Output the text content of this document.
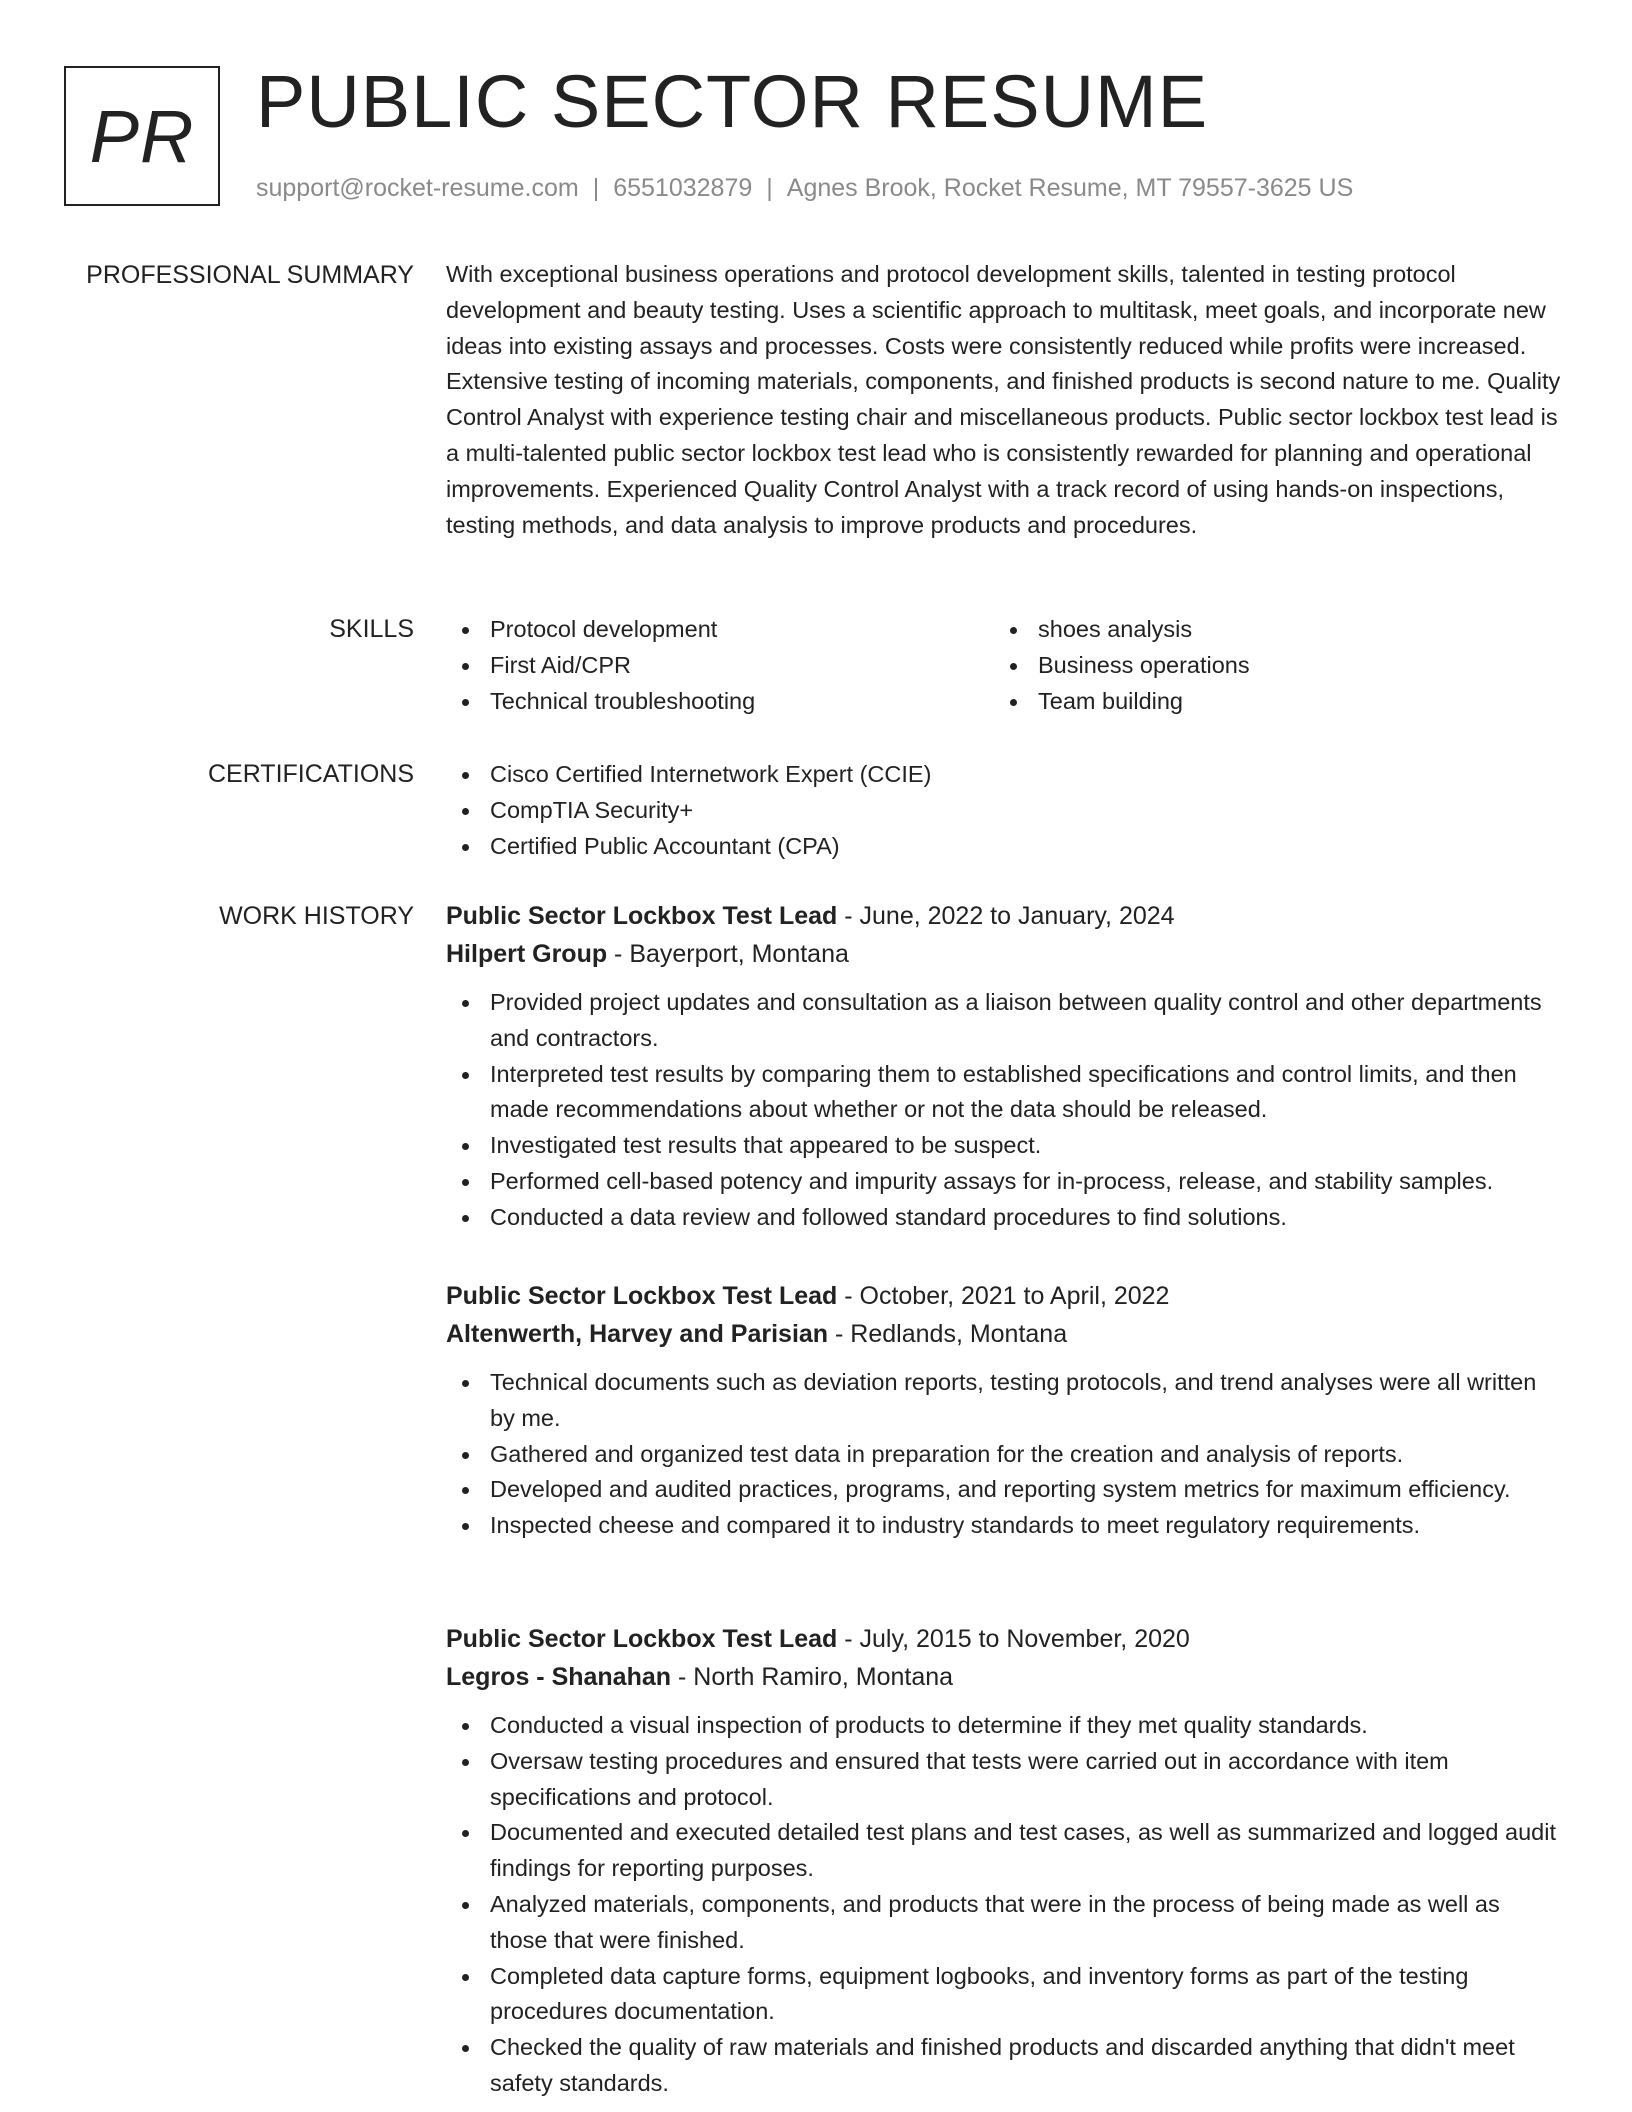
PR PUBLIC SECTOR RESUME
support@rocket-resume.com | 6551032879 | Agnes Brook, Rocket Resume, MT 79557-3625 US
PROFESSIONAL SUMMARY With exceptional business operations and protocol development skills, talented in testing protocol development and beauty testing. Uses a scientific approach to multitask, meet goals, and incorporate new ideas into existing assays and processes. Costs were consistently reduced while profits were increased. Extensive testing of incoming materials, components, and finished products is second nature to me. Quality Control Analyst with experience testing chair and miscellaneous products. Public sector lockbox test lead is a multi-talented public sector lockbox test lead who is consistently rewarded for planning and operational improvements. Experienced Quality Control Analyst with a track record of using hands-on inspections, testing methods, and data analysis to improve products and procedures.

SKILLS	Protocol development
First Aid/CPR
Technical troubleshooting
shoes analysis
Business operations
Team building
CERTIFICATIONS	Cisco Certified Internetwork Expert (CCIE)
CompTIA Security+
Certified Public Accountant (CPA)
WORK HISTORY Public Sector Lockbox Test Lead - June, 2022 to January, 2024
Hilpert Group - Bayerport, Montana
Provided project updates and consultation as a liaison between quality control and other departments and contractors.
Interpreted test results by comparing them to established specifications and control limits, and then made recommendations about whether or not the data should be released.
Investigated test results that appeared to be suspect.
Performed cell-based potency and impurity assays for in-process, release, and stability samples.
Conducted a data review and followed standard procedures to find solutions.
Public Sector Lockbox Test Lead - October, 2021 to April, 2022
Altenwerth, Harvey and Parisian - Redlands, Montana
Technical documents such as deviation reports, testing protocols, and trend analyses were all written by me.
Gathered and organized test data in preparation for the creation and analysis of reports.
Developed and audited practices, programs, and reporting system metrics for maximum efficiency.
Inspected cheese and compared it to industry standards to meet regulatory requirements.
Public Sector Lockbox Test Lead - July, 2015 to November, 2020
Legros - Shanahan - North Ramiro, Montana
Conducted a visual inspection of products to determine if they met quality standards.
Oversaw testing procedures and ensured that tests were carried out in accordance with item specifications and protocol.
Documented and executed detailed test plans and test cases, as well as summarized and logged audit findings for reporting purposes.
Analyzed materials, components, and products that were in the process of being made as well as those that were finished.
Completed data capture forms, equipment logbooks, and inventory forms as part of the testing procedures documentation.
Checked the quality of raw materials and finished products and discarded anything that didn't meet safety standards.
